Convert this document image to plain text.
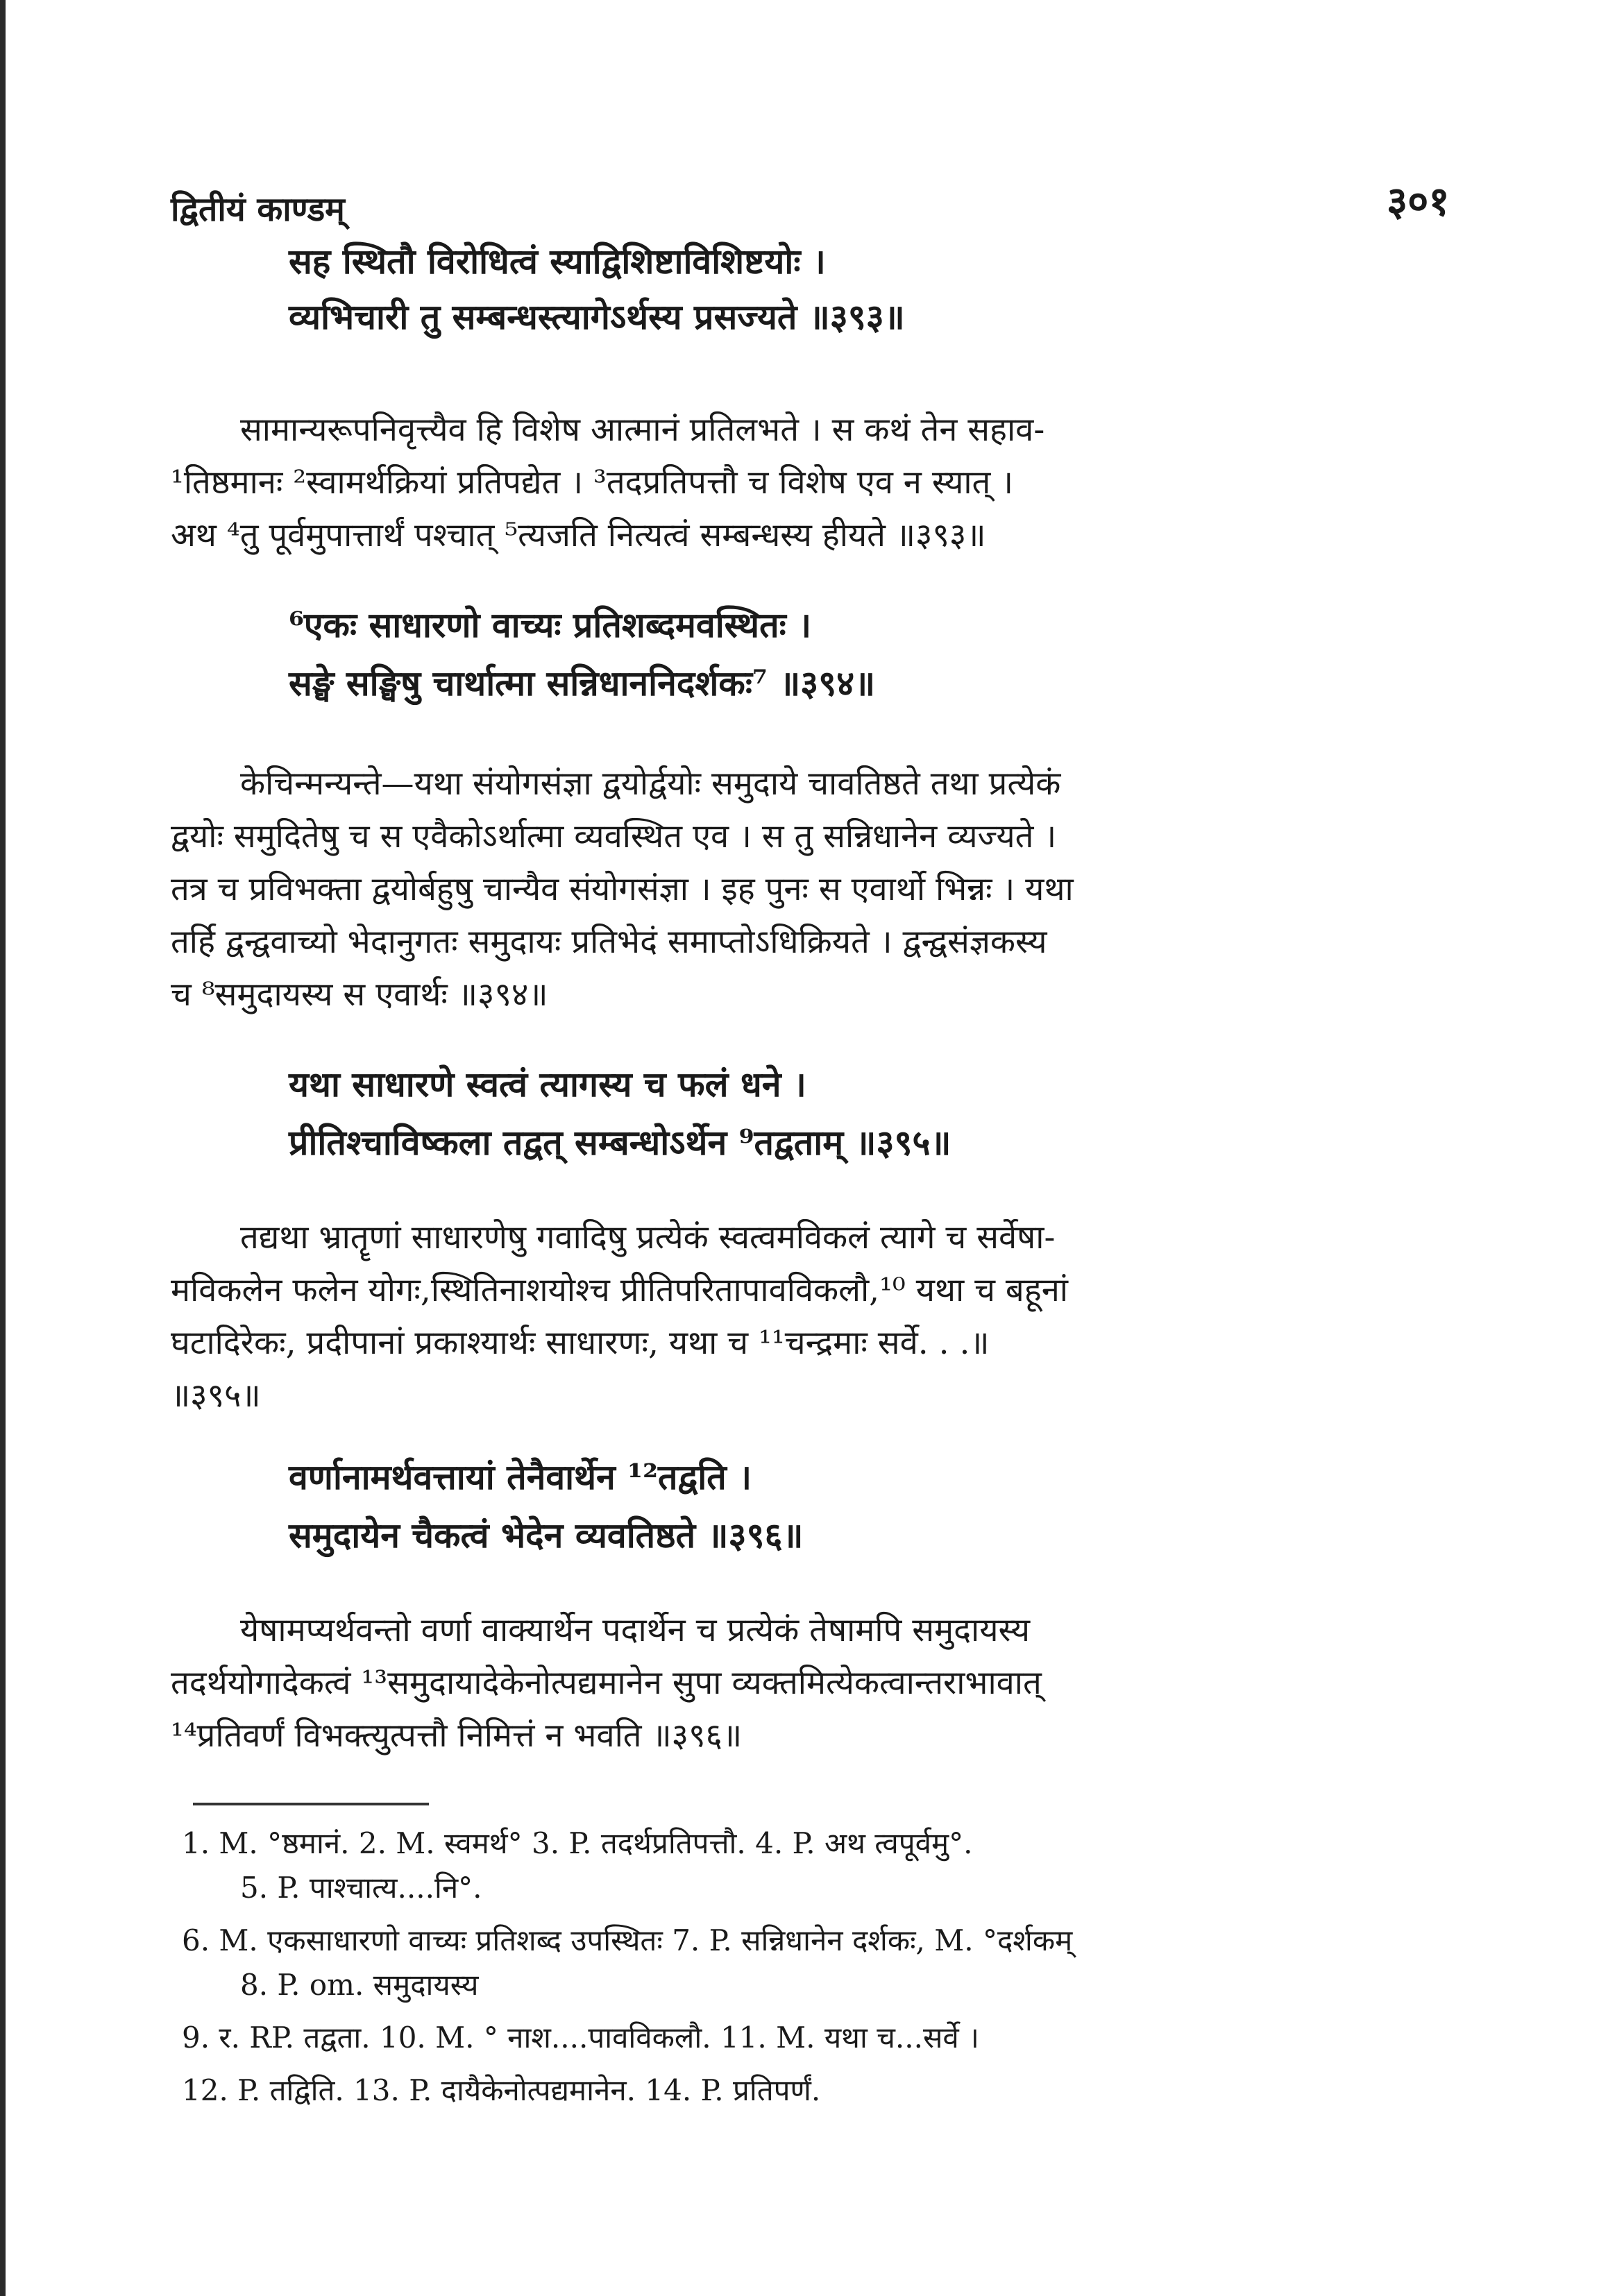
द्वितीयं काण्डम्	३०१
सह स्थितौ विरोधित्वं स्याद्विशिष्टाविशिष्टयोः ।
व्यभिचारी तु सम्बन्धस्त्यागेऽर्थस्य प्रसज्यते ॥३९३॥
सामान्यरूपनिवृत्त्यैव हि विशेष आत्मानं प्रतिलभते । स कथं तेन सहाव-
¹तिष्ठमानः ²स्वामर्थक्रियां प्रतिपद्येत । ³तदप्रतिपत्तौ च विशेष एव न स्यात् ।
अथ ⁴तु पूर्वमुपात्तार्थं पश्चात् ⁵त्यजति नित्यत्वं सम्बन्धस्य हीयते ॥३९३॥
⁶एकः साधारणो वाच्यः प्रतिशब्दमवस्थितः ।
सङ्घे सङ्घिषु चार्थात्मा सन्निधाननिदर्शकः⁷ ॥३९४॥
केचिन्मन्यन्ते—यथा संयोगसंज्ञा द्वयोर्द्वयोः समुदाये चावतिष्ठते तथा प्रत्येकं
द्वयोः समुदितेषु च स एवैकोऽर्थात्मा व्यवस्थित एव । स तु सन्निधानेन व्यज्यते ।
तत्र च प्रविभक्ता द्वयोर्बहुषु चान्यैव संयोगसंज्ञा । इह पुनः स एवार्थो भिन्नः । यथा
तर्हि द्वन्द्ववाच्यो भेदानुगतः समुदायः प्रतिभेदं समाप्तोऽधिक्रियते । द्वन्द्वसंज्ञकस्य
च ⁸समुदायस्य स एवार्थः ॥३९४॥
यथा साधारणे स्वत्वं त्यागस्य च फलं धने ।
प्रीतिश्चाविष्कला तद्वत् सम्बन्धोऽर्थेन ⁹तद्वताम् ॥३९५॥
तद्यथा भ्रातॄणां साधारणेषु गवादिषु प्रत्येकं स्वत्वमविकलं त्यागे च सर्वेषा-
मविकलेन फलेन योगः,स्थितिनाशयोश्च प्रीतिपरितापावविकलौ,¹⁰ यथा च बहूनां
घटादिरेकः, प्रदीपानां प्रकाश्यार्थः साधारणः, यथा च ¹¹चन्द्रमाः सर्वे. . .॥
॥३९५॥
वर्णानामर्थवत्तायां तेनैवार्थेन ¹²तद्वति ।
समुदायेन चैकत्वं भेदेन व्यवतिष्ठते ॥३९६॥
येषामप्यर्थवन्तो वर्णा वाक्यार्थेन पदार्थेन च प्रत्येकं तेषामपि समुदायस्य
तदर्थयोगादेकत्वं ¹³समुदायादेकेनोत्पद्यमानेन सुपा व्यक्तमित्येकत्वान्तराभावात्
¹⁴प्रतिवर्णं विभक्त्युत्पत्तौ निमित्तं न भवति ॥३९६॥
1. M. °ष्ठमानं. 2. M. स्वमर्थ° 3. P. तदर्थप्रतिपत्तौ. 4. P. अथ त्वपूर्वमु°.
5. P. पाश्चात्य....नि°.
6. M. एकसाधारणो वाच्यः प्रतिशब्द उपस्थितः 7. P. सन्निधानेन दर्शकः, M. °दर्शकम्
8. P. om. समुदायस्य
9. र. RP. तद्वता. 10. M. ° नाश....पावविकलौ. 11. M. यथा च...सर्वे ।
12. P. तद्विति. 13. P. दायैकेनोत्पद्यमानेन. 14. P. प्रतिपर्णं.
